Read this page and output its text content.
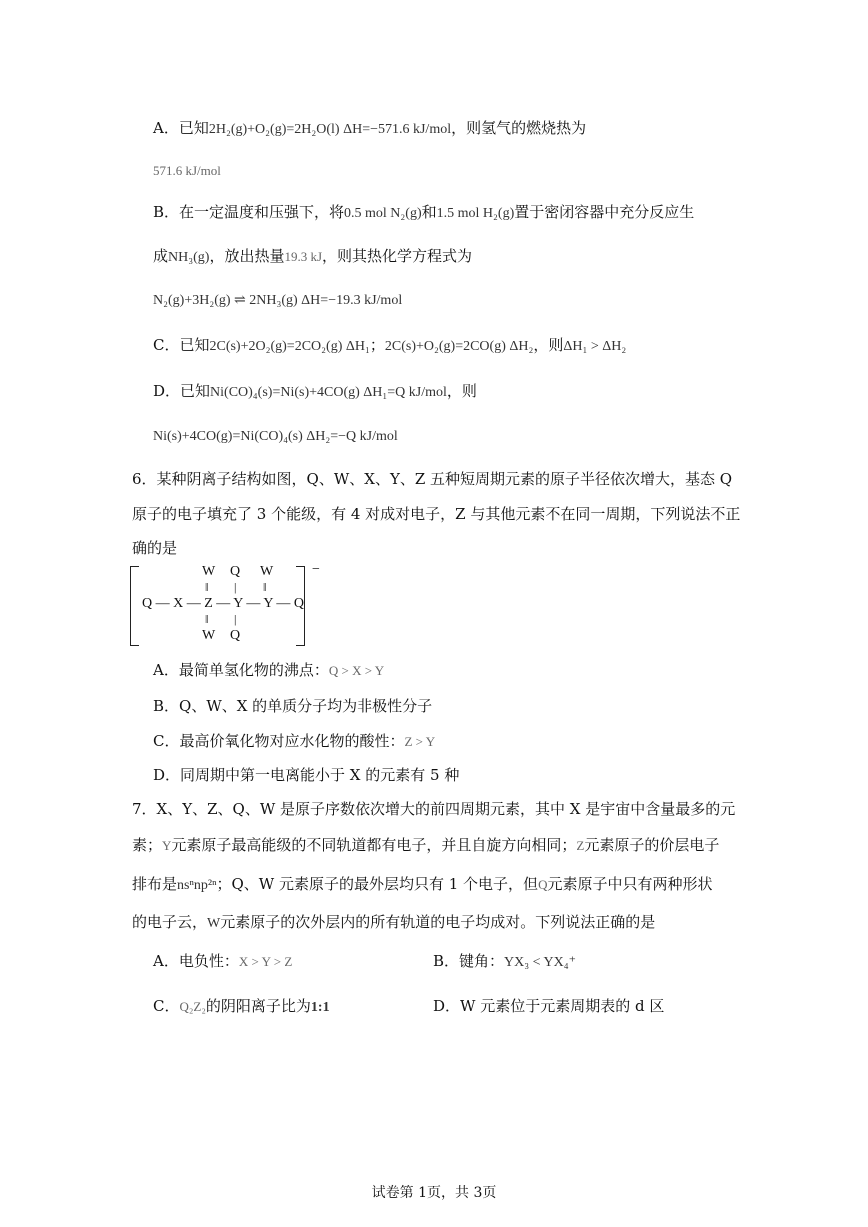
A．已知2H₂(g)+O₂(g)=2H₂O(l) ΔH=−571.6 kJ/mol，则氢气的燃烧热为
571.6 kJ/mol
B．在一定温度和压强下，将0.5 mol N₂(g)和1.5 mol H₂(g)置于密闭容器中充分反应生
成NH₃(g)，放出热量19.3 kJ，则其热化学方程式为
N₂(g)+3H₂(g) ⇌ 2NH₃(g) ΔH=−19.3 kJ/mol
C．已知2C(s)+2O₂(g)=2CO₂(g) ΔH₁；2C(s)+O₂(g)=2CO(g) ΔH₂，则ΔH₁ > ΔH₂
D．已知Ni(CO)₄(s)=Ni(s)+4CO(g) ΔH₁=Q kJ/mol，则
Ni(s)+4CO(g)=Ni(CO)₄(s) ΔH₂=−Q kJ/mol
6．某种阴离子结构如图，Q、W、X、Y、Z 五种短周期元素的原子半径依次增大，基态 Q
原子的电子填充了 3 个能级，有 4 对成对电子，Z 与其他元素不在同一周期，下列说法不正
确的是
−
W Q W
‖ | ‖
Q — X — Z — Y — Y — Q
‖ |
W Q
A．最简单氢化物的沸点：Q > X > Y
B．Q、W、X 的单质分子均为非极性分子
C．最高价氧化物对应水化物的酸性：Z > Y
D．同周期中第一电离能小于 X 的元素有 5 种
7．X、Y、Z、Q、W 是原子序数依次增大的前四周期元素，其中 X 是宇宙中含量最多的元
素；Y元素原子最高能级的不同轨道都有电子，并且自旋方向相同；Z元素原子的价层电子
排布是nsⁿnp²ⁿ；Q、W 元素原子的最外层均只有 1 个电子，但Q元素原子中只有两种形状
的电子云，W元素原子的次外层内的所有轨道的电子均成对。下列说法正确的是
A．电负性：X > Y > Z	B．键角：YX₃ < YX₄⁺
C．Q₂Z₂的阴阳离子比为1:1	D．W 元素位于元素周期表的 d 区
试卷第 1页，共 3页
